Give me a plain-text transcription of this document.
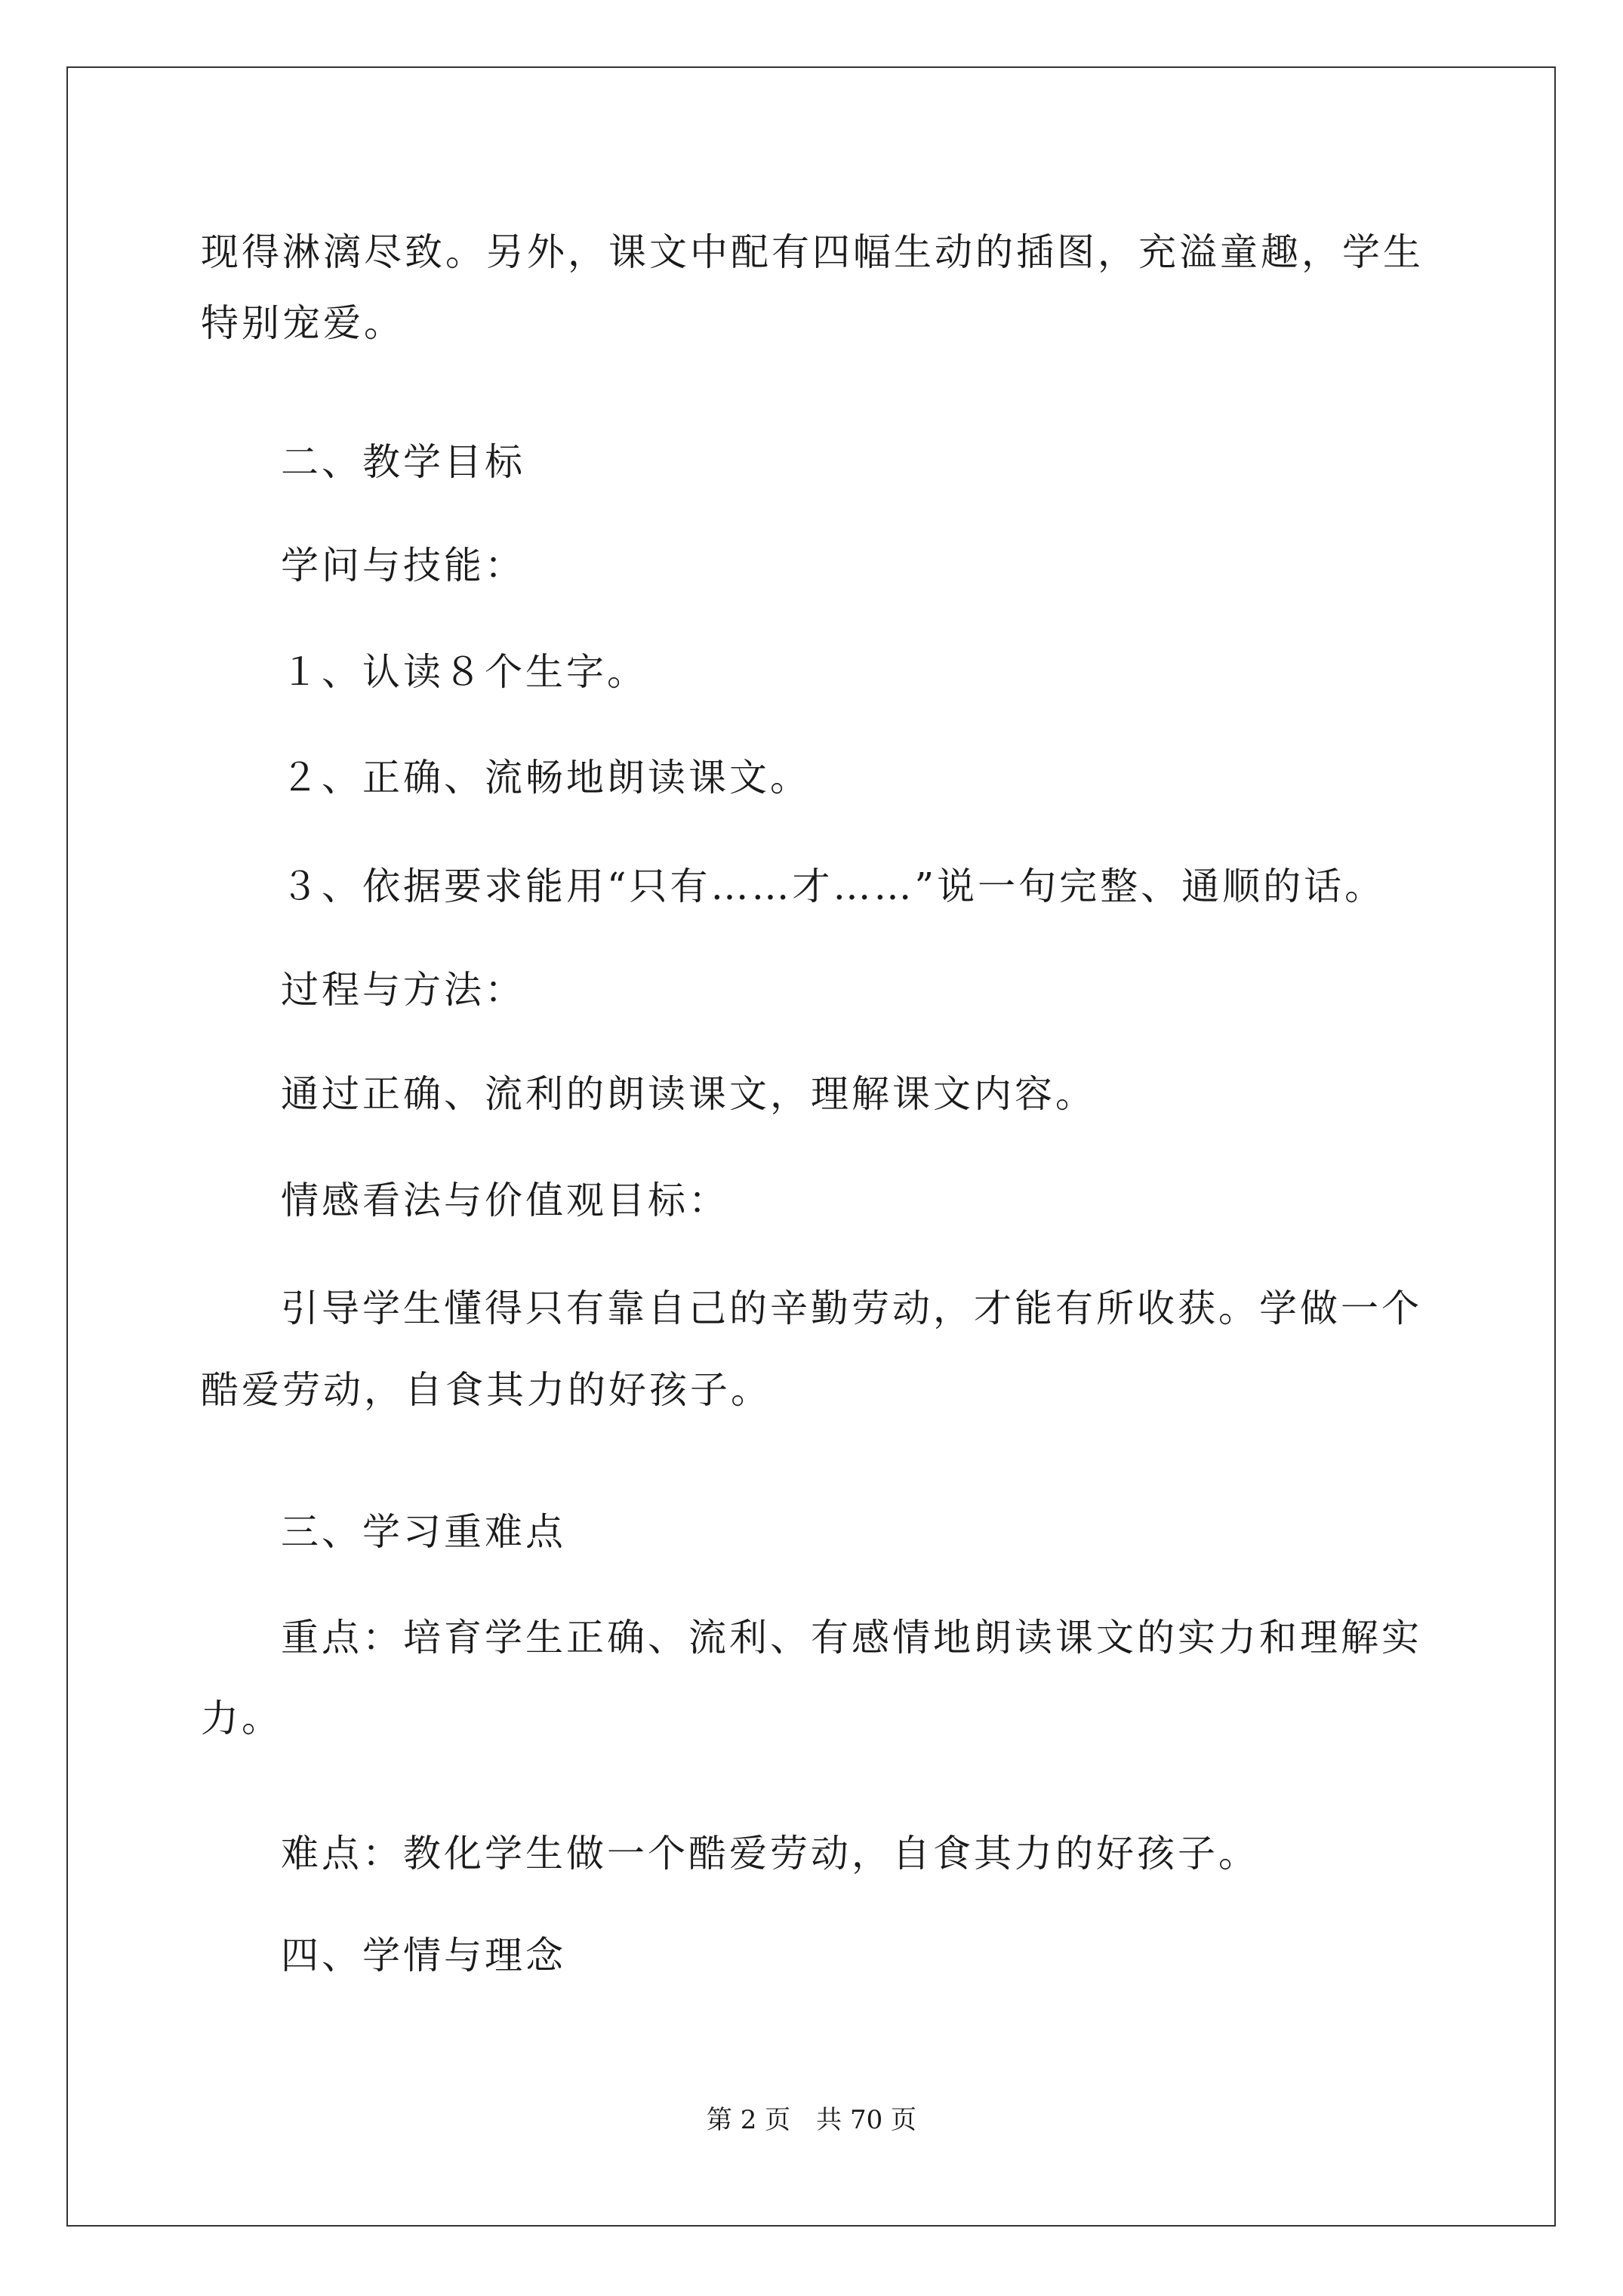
现得淋漓尽致。另外，课文中配有四幅生动的插图，充溢童趣，学生
特别宠爱。
二、教学目标
学问与技能：
１、认读８个生字。
２、正确、流畅地朗读课文。
３、依据要求能用“只有……才……”说一句完整、通顺的话。
过程与方法：
通过正确、流利的朗读课文，理解课文内容。
情感看法与价值观目标：
引导学生懂得只有靠自己的辛勤劳动，才能有所收获。学做一个
酷爱劳动，自食其力的好孩子。
三、学习重难点
重点：培育学生正确、流利、有感情地朗读课文的实力和理解实
力。
难点：教化学生做一个酷爱劳动，自食其力的好孩子。
四、学情与理念
第 2 页　共 70 页
